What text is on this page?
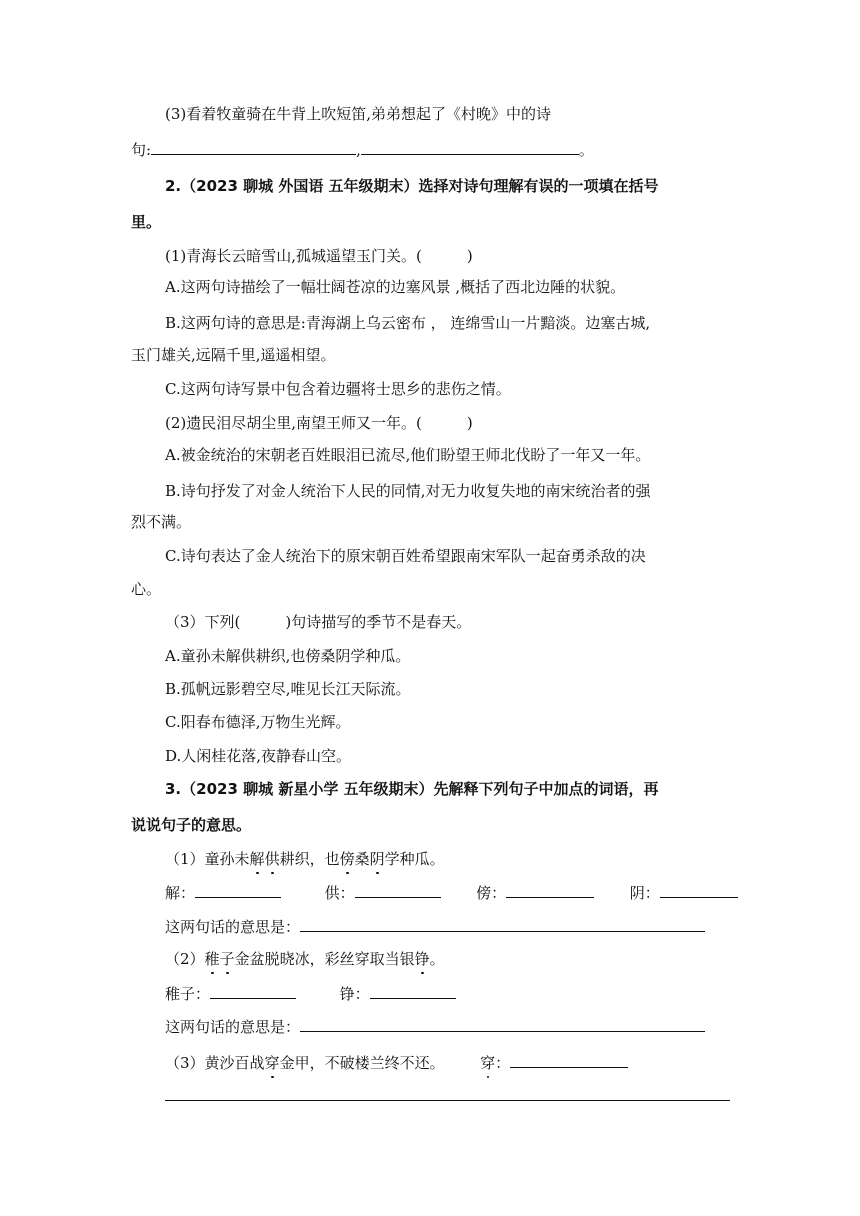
(3)看着牧童骑在牛背上吹短笛,弟弟想起了《村晚》中的诗
句:	,	。
2.（2023 聊城 外国语 五年级期末）选择对诗句理解有误的一项填在括号
里。
(1)青海长云暗雪山,孤城遥望玉门关。(　　　)
A.这两句诗描绘了一幅壮阔苍凉的边塞风景 ,概括了西北边陲的状貌。
B.这两句诗的意思是:青海湖上乌云密布 ， 连绵雪山一片黯淡。边塞古城,
玉门雄关,远隔千里,遥遥相望。
C.这两句诗写景中包含着边疆将士思乡的悲伤之情。
(2)遗民泪尽胡尘里,南望王师又一年。(　　　)
A.被金统治的宋朝老百姓眼泪已流尽,他们盼望王师北伐盼了一年又一年。
B.诗句抒发了对金人统治下人民的同情,对无力收复失地的南宋统治者的强
烈不满。
C.诗句表达了金人统治下的原宋朝百姓希望跟南宋军队一起奋勇杀敌的决
心。
（3）下列(　　　)句诗描写的季节不是春天。
A.童孙未解供耕织,也傍桑阴学种瓜。
B.孤帆远影碧空尽,唯见长江天际流。
C.阳春布德泽,万物生光辉。
D.人闲桂花落,夜静春山空。
3.（2023 聊城 新星小学 五年级期末）先解释下列句子中加点的词语，再
说说句子的意思。
（1）童孙未解供耕织，也傍桑阴学种瓜。
解：	供：	傍：	阴：
这两句话的意思是：
（2）稚子金盆脱晓冰，彩丝穿取当银铮。
稚子：	铮：
这两句话的意思是：
（3）黄沙百战穿金甲，不破楼兰终不还。 穿：
